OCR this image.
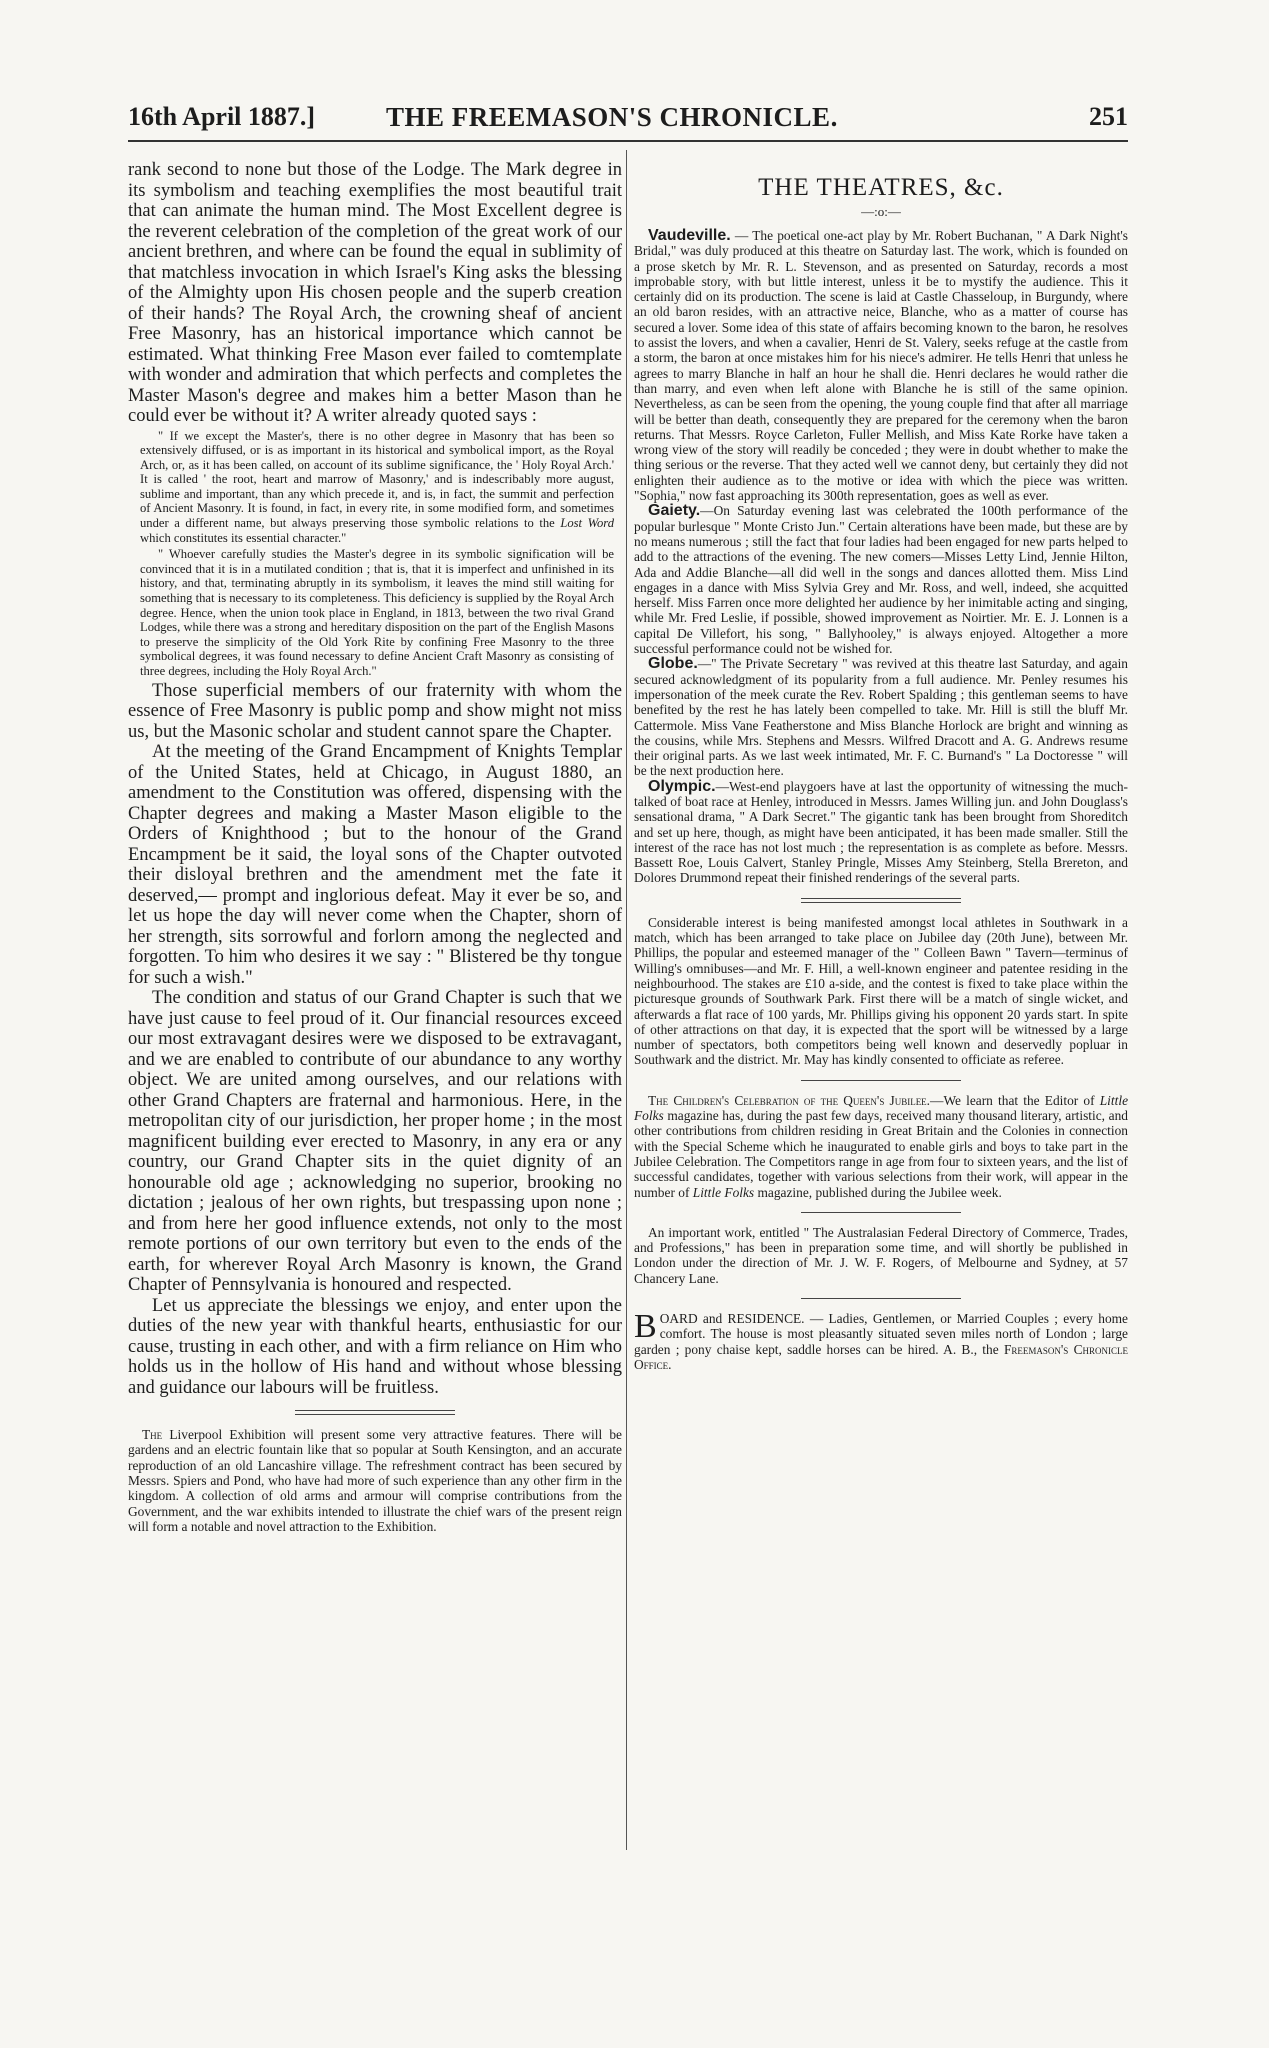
16th April 1887.]	THE FREEMASON'S CHRONICLE.	251

rank second to none but those of the Lodge. The Mark degree in its symbolism and teaching exemplifies the most beautiful trait that can animate the human mind. The Most Excellent degree is the reverent celebration of the completion of the great work of our ancient brethren, and where can be found the equal in sublimity of that matchless invocation in which Israel's King asks the blessing of the Almighty upon His chosen people and the superb creation of their hands? The Royal Arch, the crowning sheaf of ancient Free Masonry, has an historical importance which cannot be estimated. What thinking Free Mason ever failed to comtemplate with wonder and admiration that which perfects and completes the Master Mason's degree and makes him a better Mason than he could ever be without it? A writer already quoted says :

" If we except the Master's, there is no other degree in Masonry that has been so extensively diffused, or is as important in its historical and symbolical import, as the Royal Arch, or, as it has been called, on account of its sublime significance, the ' Holy Royal Arch.' It is called ' the root, heart and marrow of Masonry,' and is indescribably more august, sublime and important, than any which precede it, and is, in fact, the summit and perfection of Ancient Masonry. It is found, in fact, in every rite, in some modified form, and sometimes under a different name, but always preserving those symbolic relations to the Lost Word which constitutes its essential character."

" Whoever carefully studies the Master's degree in its symbolic signification will be convinced that it is in a mutilated condition ; that is, that it is imperfect and unfinished in its history, and that, terminating abruptly in its symbolism, it leaves the mind still waiting for something that is necessary to its completeness. This deficiency is supplied by the Royal Arch degree. Hence, when the union took place in England, in 1813, between the two rival Grand Lodges, while there was a strong and hereditary disposition on the part of the English Masons to preserve the simplicity of the Old York Rite by confining Free Masonry to the three symbolical degrees, it was found necessary to define Ancient Craft Masonry as consisting of three degrees, including the Holy Royal Arch."

Those superficial members of our fraternity with whom the essence of Free Masonry is public pomp and show might not miss us, but the Masonic scholar and student cannot spare the Chapter.

At the meeting of the Grand Encampment of Knights Templar of the United States, held at Chicago, in August 1880, an amendment to the Constitution was offered, dispensing with the Chapter degrees and making a Master Mason eligible to the Orders of Knighthood ; but to the honour of the Grand Encampment be it said, the loyal sons of the Chapter outvoted their disloyal brethren and the amendment met the fate it deserved,— prompt and inglorious defeat. May it ever be so, and let us hope the day will never come when the Chapter, shorn of her strength, sits sorrowful and forlorn among the neglected and forgotten. To him who desires it we say : " Blistered be thy tongue for such a wish."

The condition and status of our Grand Chapter is such that we have just cause to feel proud of it. Our financial resources exceed our most extravagant desires were we disposed to be extravagant, and we are enabled to contribute of our abundance to any worthy object. We are united among ourselves, and our relations with other Grand Chapters are fraternal and harmonious. Here, in the metropolitan city of our jurisdiction, her proper home ; in the most magnificent building ever erected to Masonry, in any era or any country, our Grand Chapter sits in the quiet dignity of an honourable old age ; acknowledging no superior, brooking no dictation ; jealous of her own rights, but trespassing upon none ; and from here her good influence extends, not only to the most remote portions of our own territory but even to the ends of the earth, for wherever Royal Arch Masonry is known, the Grand Chapter of Pennsylvania is honoured and respected.

Let us appreciate the blessings we enjoy, and enter upon the duties of the new year with thankful hearts, enthusiastic for our cause, trusting in each other, and with a firm reliance on Him who holds us in the hollow of His hand and without whose blessing and guidance our labours will be fruitless.

The Liverpool Exhibition will present some very attractive features. There will be gardens and an electric fountain like that so popular at South Kensington, and an accurate reproduction of an old Lancashire village. The refreshment contract has been secured by Messrs. Spiers and Pond, who have had more of such experience than any other firm in the kingdom. A collection of old arms and armour will comprise contributions from the Government, and the war exhibits intended to illustrate the chief wars of the present reign will form a notable and novel attraction to the Exhibition.

THE THEATRES, &c.
—:o:—

Vaudeville. — The poetical one-act play by Mr. Robert Buchanan, " A Dark Night's Bridal," was duly produced at this theatre on Saturday last. The work, which is founded on a prose sketch by Mr. R. L. Stevenson, and as presented on Saturday, records a most improbable story, with but little interest, unless it be to mystify the audience. This it certainly did on its production. The scene is laid at Castle Chasseloup, in Burgundy, where an old baron resides, with an attractive neice, Blanche, who as a matter of course has secured a lover. Some idea of this state of affairs becoming known to the baron, he resolves to assist the lovers, and when a cavalier, Henri de St. Valery, seeks refuge at the castle from a storm, the baron at once mistakes him for his niece's admirer. He tells Henri that unless he agrees to marry Blanche in half an hour he shall die. Henri declares he would rather die than marry, and even when left alone with Blanche he is still of the same opinion. Nevertheless, as can be seen from the opening, the young couple find that after all marriage will be better than death, consequently they are prepared for the ceremony when the baron returns. That Messrs. Royce Carleton, Fuller Mellish, and Miss Kate Rorke have taken a wrong view of the story will readily be conceded ; they were in doubt whether to make the thing serious or the reverse. That they acted well we cannot deny, but certainly they did not enlighten their audience as to the motive or idea with which the piece was written. "Sophia," now fast approaching its 300th representation, goes as well as ever.

Gaiety.—On Saturday evening last was celebrated the 100th performance of the popular burlesque " Monte Cristo Jun." Certain alterations have been made, but these are by no means numerous ; still the fact that four ladies had been engaged for new parts helped to add to the attractions of the evening. The new comers—Misses Letty Lind, Jennie Hilton, Ada and Addie Blanche—all did well in the songs and dances allotted them. Miss Lind engages in a dance with Miss Sylvia Grey and Mr. Ross, and well, indeed, she acquitted herself. Miss Farren once more delighted her audience by her inimitable acting and singing, while Mr. Fred Leslie, if possible, showed improvement as Noirtier. Mr. E. J. Lonnen is a capital De Villefort, his song, " Ballyhooley," is always enjoyed. Altogether a more successful performance could not be wished for.

Globe.—" The Private Secretary " was revived at this theatre last Saturday, and again secured acknowledgment of its popularity from a full audience. Mr. Penley resumes his impersonation of the meek curate the Rev. Robert Spalding ; this gentleman seems to have benefited by the rest he has lately been compelled to take. Mr. Hill is still the bluff Mr. Cattermole. Miss Vane Featherstone and Miss Blanche Horlock are bright and winning as the cousins, while Mrs. Stephens and Messrs. Wilfred Dracott and A. G. Andrews resume their original parts. As we last week intimated, Mr. F. C. Burnand's " La Doctoresse " will be the next production here.

Olympic.—West-end playgoers have at last the opportunity of witnessing the much-talked of boat race at Henley, introduced in Messrs. James Willing jun. and John Douglass's sensational drama, " A Dark Secret." The gigantic tank has been brought from Shoreditch and set up here, though, as might have been anticipated, it has been made smaller. Still the interest of the race has not lost much ; the representation is as complete as before. Messrs. Bassett Roe, Louis Calvert, Stanley Pringle, Misses Amy Steinberg, Stella Brereton, and Dolores Drummond repeat their finished renderings of the several parts.

Considerable interest is being manifested amongst local athletes in Southwark in a match, which has been arranged to take place on Jubilee day (20th June), between Mr. Phillips, the popular and esteemed manager of the " Colleen Bawn " Tavern—terminus of Willing's omnibuses—and Mr. F. Hill, a well-known engineer and patentee residing in the neighbourhood. The stakes are £10 a-side, and the contest is fixed to take place within the picturesque grounds of Southwark Park. First there will be a match of single wicket, and afterwards a flat race of 100 yards, Mr. Phillips giving his opponent 20 yards start. In spite of other attractions on that day, it is expected that the sport will be witnessed by a large number of spectators, both competitors being well known and deservedly popluar in Southwark and the district. Mr. May has kindly consented to officiate as referee.

The Children's Celebration of the Queen's Jubilee.—We learn that the Editor of Little Folks magazine has, during the past few days, received many thousand literary, artistic, and other contributions from children residing in Great Britain and the Colonies in connection with the Special Scheme which he inaugurated to enable girls and boys to take part in the Jubilee Celebration. The Competitors range in age from four to sixteen years, and the list of successful candidates, together with various selections from their work, will appear in the number of Little Folks magazine, published during the Jubilee week.

An important work, entitled " The Australasian Federal Directory of Commerce, Trades, and Professions," has been in preparation some time, and will shortly be published in London under the direction of Mr. J. W. F. Rogers, of Melbourne and Sydney, at 57 Chancery Lane.

BOARD and RESIDENCE. — Ladies, Gentlemen, or Married Couples ; every home comfort. The house is most pleasantly situated seven miles north of London ; large garden ; pony chaise kept, saddle horses can be hired. A. B., the Freemason's Chronicle Office.
